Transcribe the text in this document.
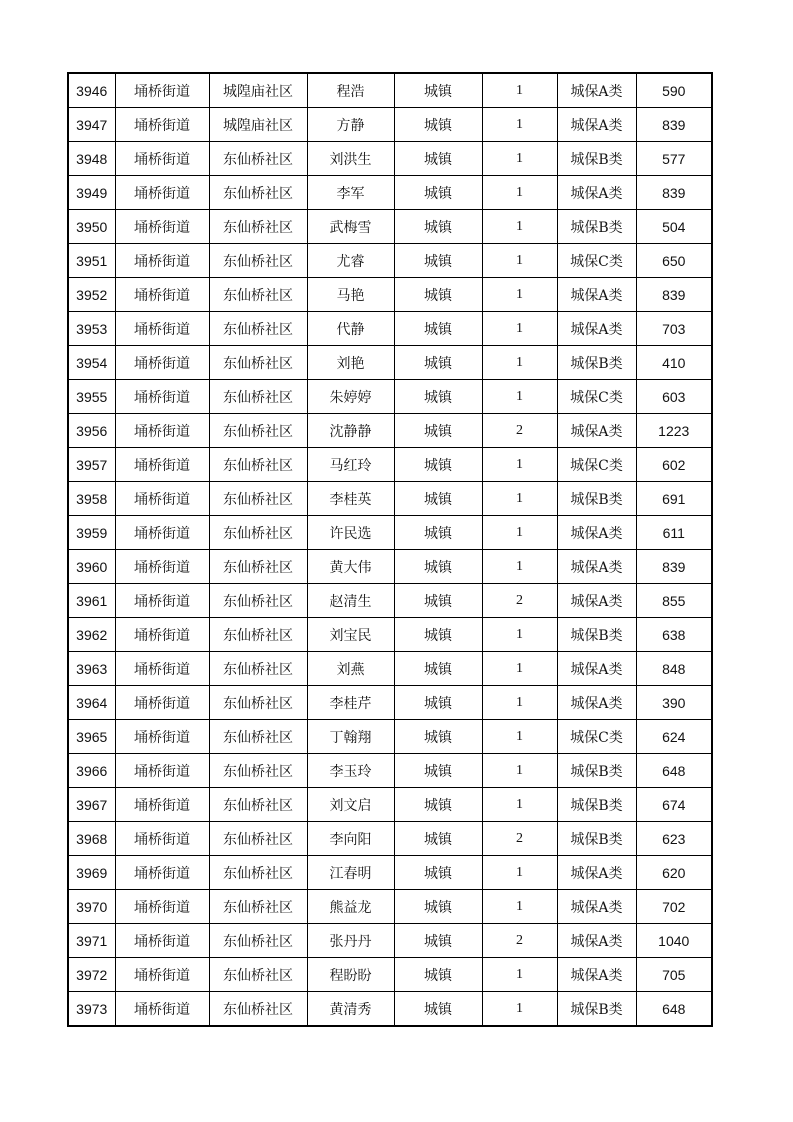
3946	埇桥街道	城隍庙社区	程浩	城镇	1	城保A类	590
3947	埇桥街道	城隍庙社区	方静	城镇	1	城保A类	839
3948	埇桥街道	东仙桥社区	刘洪生	城镇	1	城保B类	577
3949	埇桥街道	东仙桥社区	李军	城镇	1	城保A类	839
3950	埇桥街道	东仙桥社区	武梅雪	城镇	1	城保B类	504
3951	埇桥街道	东仙桥社区	尤睿	城镇	1	城保C类	650
3952	埇桥街道	东仙桥社区	马艳	城镇	1	城保A类	839
3953	埇桥街道	东仙桥社区	代静	城镇	1	城保A类	703
3954	埇桥街道	东仙桥社区	刘艳	城镇	1	城保B类	410
3955	埇桥街道	东仙桥社区	朱婷婷	城镇	1	城保C类	603
3956	埇桥街道	东仙桥社区	沈静静	城镇	2	城保A类	1223
3957	埇桥街道	东仙桥社区	马红玲	城镇	1	城保C类	602
3958	埇桥街道	东仙桥社区	李桂英	城镇	1	城保B类	691
3959	埇桥街道	东仙桥社区	许民选	城镇	1	城保A类	611
3960	埇桥街道	东仙桥社区	黄大伟	城镇	1	城保A类	839
3961	埇桥街道	东仙桥社区	赵清生	城镇	2	城保A类	855
3962	埇桥街道	东仙桥社区	刘宝民	城镇	1	城保B类	638
3963	埇桥街道	东仙桥社区	刘燕	城镇	1	城保A类	848
3964	埇桥街道	东仙桥社区	李桂芹	城镇	1	城保A类	390
3965	埇桥街道	东仙桥社区	丁翰翔	城镇	1	城保C类	624
3966	埇桥街道	东仙桥社区	李玉玲	城镇	1	城保B类	648
3967	埇桥街道	东仙桥社区	刘文启	城镇	1	城保B类	674
3968	埇桥街道	东仙桥社区	李向阳	城镇	2	城保B类	623
3969	埇桥街道	东仙桥社区	江春明	城镇	1	城保A类	620
3970	埇桥街道	东仙桥社区	熊益龙	城镇	1	城保A类	702
3971	埇桥街道	东仙桥社区	张丹丹	城镇	2	城保A类	1040
3972	埇桥街道	东仙桥社区	程盼盼	城镇	1	城保A类	705
3973	埇桥街道	东仙桥社区	黄清秀	城镇	1	城保B类	648
